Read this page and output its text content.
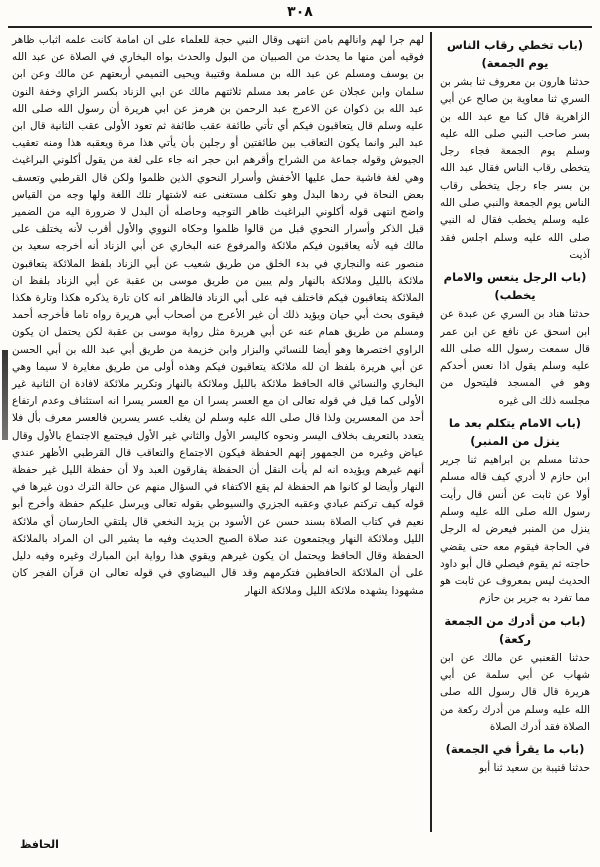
٣٠٨

لهم جرا لهم وانالهم بامن انتهى وقال النبي حجة للعلماء على ان امامة كانت علمه اثباب ظاهر فوقيه أمن منها ما يحدث من الصبيان من البول والحدث بواه البخاري في الصلاة عن عبد الله بن يوسف ومسلم عن عبد الله بن مسلمة وقتيبة ويحيى التميمي أربعتهم عن مالك وعن ابن سلمان وابن عجلان عن عامر بعد مسلم ثلاثتهم مالك عن ابي الزناد بكسر الزاي وخفة النون عبد الله بن ذكوان عن الاعرج عبد الرحمن بن هرمز عن ابي هريرة أن رسول الله صلى الله عليه وسلم قال يتعاقبون فيكم أي تأتي طائفة عقب طائفة ثم تعود الأولى عقب الثانية قال ابن عبد البر وانما يكون التعاقب بين طائفتين أو رجلين بأن يأتي هذا مرة ويعقبه هذا ومنه تعقيب الجيوش وقوله جماعة من الشراح وأقرهم ابن حجر انه جاء على لغة من يقول أكلوني البراغيث وهي لغة فاشية حمل عليها الأخفش وأسرار النحوي الذين ظلموا ولكن قال القرطبي وتعسف بعض النحاة في ردها البدل وهو تكلف مستغنى عنه لاشتهار تلك اللغة ولها وجه من القياس واضح انتهى قوله أكلوني البراغيث ظاهر التوجيه وحاصله أن البدل لا ضرورة اليه من الضمير قبل الذكر وأسرار النحوي قبل من قالوا ظلموا وحكاه النووي والأول أقرب لأنه يختلف على مالك فيه لأنه يعاقبون فيكم ملائكة والمرفوع عنه البخاري عن أبي الزناد أنه أخرجه سعيد بن منصور عنه والنجاري في بدء الخلق من طريق شعيب عن أبي الزناد بلفظ الملائكة يتعاقبون ملائكة بالليل وملائكة بالنهار ولم يبين من طريق موسى بن عقبة عن أبي الزناد بلفظ ان الملائكة يتعاقبون فيكم فاختلف فيه على أبي الزناد فالظاهر انه كان تارة يذكره هكذا وتارة هكذا فيقوى بحث أبي حيان ويؤيد ذلك أن غير الأعرج من أصحاب أبي هريرة رواه تاما فأخرجه أحمد ومسلم من طريق همام عنه عن أبي هريرة مثل رواية موسى بن عقبة لكن يحتمل ان يكون الراوي اختصرها وهو أيضا للنسائي والبزار وابن خزيمة من طريق أبي عبد الله بن أبي الحسن عن أبي هريرة بلفظ ان لله ملائكة يتعاقبون فيكم وهذه أولى من طريق مغايرة لا سيما وهي البخاري والنسائي قاله الحافظ ملائكة بالليل وملائكة بالنهار وتكرير ملائكة لافادة ان الثانية غير الأولى كما قيل في قوله تعالى ان مع العسر يسرا ان مع العسر يسرا انه استئناف وعدم ارتفاع أحد من المعسرين ولذا قال صلى الله عليه وسلم لن يغلب عسر يسرين فالعسر معرف بأل فلا يتعدد بالتعريف بخلاف اليسر ونحوه كاليسر الأول والثاني غير الأول فيجتمع الاجتماع بالأول وقال عياض وغيره من الجمهور إنهم الحفظة فيكون الاجتماع والتعاقب قال القرطبي الأظهر عندي أنهم غيرهم ويؤيده انه لم يأت النقل أن الحفظة يفارقون العبد ولا أن حفظة الليل غير حفظة النهار وأيضا لو كانوا هم الحفظة لم يقع الاكتفاء في السؤال منهم عن حالة الترك دون غيرها في قوله كيف تركتم عبادي وعقبه الجزري والسيوطي بقوله تعالى ويرسل عليكم حفظة وأخرج أبو نعيم في كتاب الصلاة بسند حسن عن الأسود بن يزيد النخعي قال يلتقي الحارسان أي ملائكة الليل وملائكة النهار ويجتمعون عند صلاة الصبح الحديث وفيه ما يشير الى ان المراد بالملائكة الحفظة وقال الحافظ ويحتمل ان يكون غيرهم ويقوي هذا رواية ابن المبارك وغيره وفيه دليل على أن الملائكة الحافظين فتكرمهم وقد قال البيضاوي في قوله تعالى ان قرآن الفجر كان مشهودا يشهده ملائكة الليل وملائكة النهار

(باب تخطي رقاب الناس يوم الجمعة)
حدثنا هارون بن معروف ثنا بشر بن السري ثنا معاوية بن صالح عن أبي الزاهرية قال كنا مع عبد الله بن بسر صاحب النبي صلى الله عليه وسلم يوم الجمعة فجاء رجل يتخطى رقاب الناس فقال عبد الله بن بسر جاء رجل يتخطى رقاب الناس يوم الجمعة والنبي صلى الله عليه وسلم يخطب فقال له النبي صلى الله عليه وسلم اجلس فقد آذيت
(باب الرجل ينعس والامام يخطب)
حدثنا هناد بن السري عن عبدة عن ابن اسحق عن نافع عن ابن عمر قال سمعت رسول الله صلى الله عليه وسلم يقول اذا نعس أحدكم وهو في المسجد فليتحول من مجلسه ذلك الى غيره
(باب الامام يتكلم بعد ما ينزل من المنبر)
حدثنا مسلم بن ابراهيم ثنا جرير ابن حازم لا أدري كيف قاله مسلم أولا عن ثابت عن أنس قال رأيت رسول الله صلى الله عليه وسلم ينزل من المنبر فيعرض له الرجل في الحاجة فيقوم معه حتى يقضي حاجته ثم يقوم فيصلي قال أبو داود الحديث ليس بمعروف عن ثابت هو مما تفرد به جرير بن حازم
(باب من أدرك من الجمعة ركعة)
حدثنا القعنبي عن مالك عن ابن شهاب عن أبي سلمة عن أبي هريرة قال قال رسول الله صلى الله عليه وسلم من أدرك ركعة من الصلاة فقد أدرك الصلاة
(باب ما يقرأ في الجمعة)
حدثنا قتيبة بن سعيد ثنا أبو
الحافظ
